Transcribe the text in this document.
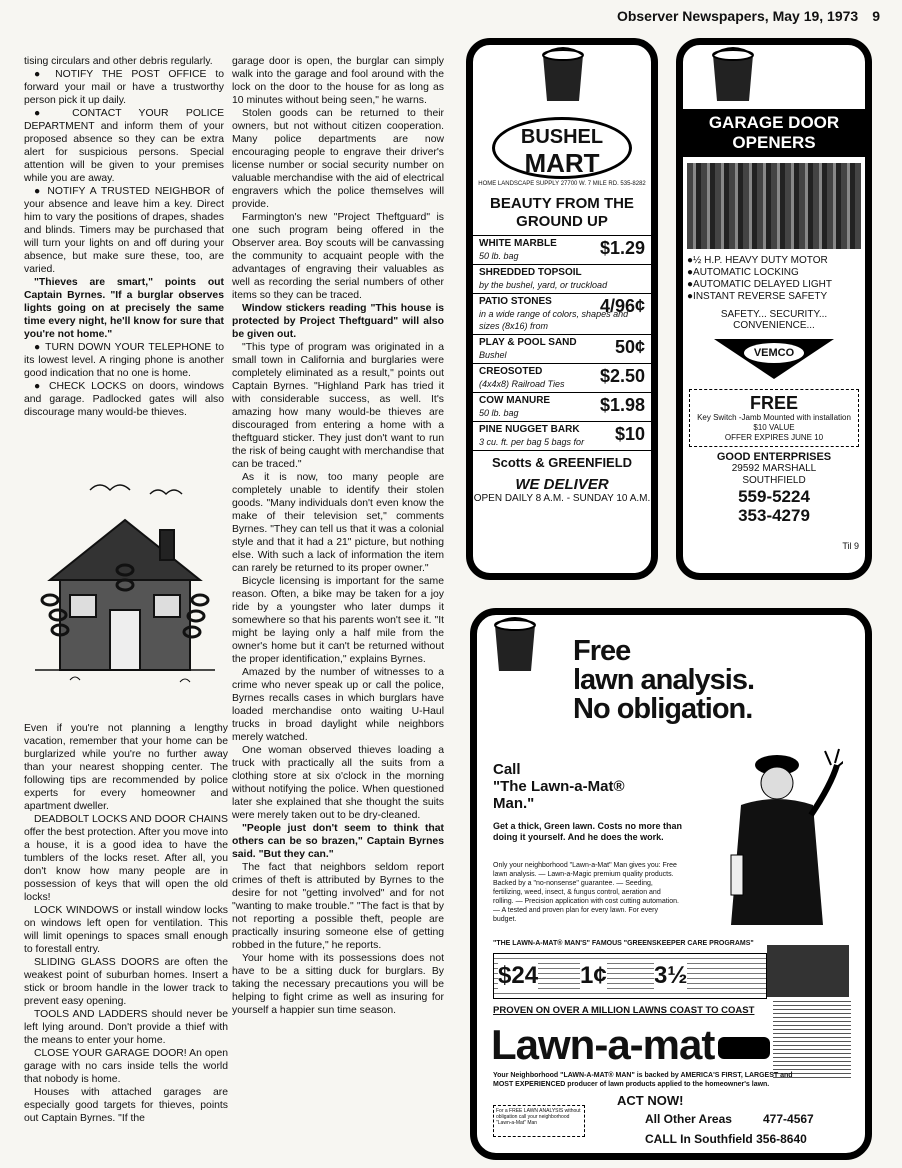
Observer Newspapers, May 19, 1973 9

tising circulars and other debris regularly.

● NOTIFY THE POST OFFICE to forward your mail or have a trustworthy person pick it up daily.

● CONTACT YOUR POLICE DEPARTMENT and inform them of your proposed absence so they can be extra alert for suspicious persons. Special attention will be given to your premises while you are away.

● NOTIFY A TRUSTED NEIGHBOR of your absence and leave him a key. Direct him to vary the positions of drapes, shades and blinds. Timers may be purchased that will turn your lights on and off during your absence, but make sure these, too, are varied.

"Thieves are smart," points out Captain Byrnes. "If a burglar observes lights going on at precisely the same time every night, he'll know for sure that you're not home."

● TURN DOWN YOUR TELEPHONE to its lowest level. A ringing phone is another good indication that no one is home.

● CHECK LOCKS on doors, windows and garage. Padlocked gates will also discourage many would-be thieves.

Even if you're not planning a lengthy vacation, remember that your home can be burglarized while you're no further away than your nearest shopping center. The following tips are recommended by police experts for every homeowner and apartment dweller.

DEADBOLT LOCKS AND DOOR CHAINS offer the best protection. After you move into a house, it is a good idea to have the tumblers of the locks reset. After all, you don't know how many people are in possession of keys that will open the old locks!

LOCK WINDOWS or install window locks on windows left open for ventilation. This will limit openings to spaces small enough to forestall entry.

SLIDING GLASS DOORS are often the weakest point of suburban homes. Insert a stick or broom handle in the lower track to prevent easy opening.

TOOLS AND LADDERS should never be left lying around. Don't provide a thief with the means to enter your home.

CLOSE YOUR GARAGE DOOR! An open garage with no cars inside tells the world that nobody is home.

Houses with attached garages are especially good targets for thieves, points out Captain Byrnes. "If the

garage door is open, the burglar can simply walk into the garage and fool around with the lock on the door to the house for as long as 10 minutes without being seen," he warns.

Stolen goods can be returned to their owners, but not without citizen cooperation. Many police departments are now encouraging people to engrave their driver's license number or social security number on valuable merchandise with the aid of electrical engravers which the police themselves will provide.

Farmington's new "Project Theftguard" is one such program being offered in the Observer area. Boy scouts will be canvassing the community to acquaint people with the advantages of engraving their valuables as well as recording the serial numbers of other items so they can be traced.

Window stickers reading "This house is protected by Project Theftguard" will also be given out.

"This type of program was originated in a small town in California and burglaries were completely eliminated as a result," points out Captain Byrnes. "Highland Park has tried it with considerable success, as well. It's amazing how many would-be thieves are discouraged from entering a home with a theftguard sticker. They just don't want to run the risk of being caught with merchandise that can be traced."

As it is now, too many people are completely unable to identify their stolen goods. "Many individuals don't even know the make of their television set," comments Byrnes. "They can tell us that it was a colonial style and that it had a 21" picture, but nothing else. With such a lack of information the item can rarely be returned to its proper owner."

Bicycle licensing is important for the same reason. Often, a bike may be taken for a joy ride by a youngster who later dumps it somewhere so that his parents won't see it. "It might be laying only a half mile from the owner's home but it can't be returned without the proper identification," explains Byrnes.

Amazed by the number of witnesses to a crime who never speak up or call the police, Byrnes recalls cases in which burglars have loaded merchandise onto waiting U-Haul trucks in broad daylight while neighbors merely watched.

One woman observed thieves loading a truck with practically all the suits from a clothing store at six o'clock in the morning without notifying the police. When questioned later she explained that she thought the suits were merely taken out to be dry-cleaned.

"People just don't seem to think that others can be so brazen," Captain Byrnes said. "But they can."

The fact that neighbors seldom report crimes of theft is attributed by Byrnes to the desire for not "getting involved" and for not "wanting to make trouble." "The fact is that by not reporting a possible theft, people are practically insuring someone else of getting robbed in the future," he reports.

Your home with its possessions does not have to be a sitting duck for burglars. By taking the necessary precautions you will be helping to fight crime as well as insuring for yourself a happier sun time season.

BUSHEL
MART
HOME LANDSCAPE SUPPLY 27700 W. 7 MILE RD. 535-8282
BEAUTY FROM THE GROUND UP
WHITE MARBLE
50 lb. bag	$1.29
SHREDDED TOPSOIL
by the bushel, yard, or truckload
PATIO STONES
in a wide range of colors, shapes and sizes (8x16) from
4/96¢
PLAY & POOL SAND
Bushel	50¢
CREOSOTED
(4x4x8) Railroad Ties	$2.50
COW MANURE
50 lb. bag	$1.98
PINE NUGGET BARK
3 cu. ft. per bag 5 bags for	$10
Scotts & GREENFIELD
WE DELIVER
OPEN DAILY 8 A.M. - SUNDAY 10 A.M.
GARAGE DOOR OPENERS
●½ H.P. HEAVY DUTY MOTOR
●AUTOMATIC LOCKING
●AUTOMATIC DELAYED LIGHT
●INSTANT REVERSE SAFETY
SAFETY... SECURITY... CONVENIENCE...
VEMCO
FREE
Key Switch -Jamb Mounted with installation $10 VALUE
OFFER EXPIRES JUNE 10
GOOD ENTERPRISES
29592 MARSHALL
SOUTHFIELD
559-5224
353-4279
Til 9
Free
lawn analysis.
No obligation.
Call
"The Lawn-a-Mat®
Man."
Get a thick, Green lawn. Costs no more than doing it yourself. And he does the work.
Only your neighborhood "Lawn-a-Mat" Man gives you: Free lawn analysis. — Lawn-a-Magic premium quality products. Backed by a "no-nonsense" guarantee. — Seeding, fertilizing, weed, insect, & fungus control, aeration and rolling. — Precision application with cost cutting automation. — A tested and proven plan for every lawn. For every budget.
"THE LAWN-A-MAT® MAN'S" FAMOUS "GREENSKEEPER CARE PROGRAMS"
$24 1¢ 3½
PROVEN ON OVER A MILLION LAWNS COAST TO COAST
Lawn-a-mat
Your Neighborhood "LAWN-A-MAT® MAN" is backed by AMERICA'S FIRST, LARGEST and MOST EXPERIENCED producer of lawn products applied to the homeowner's lawn.
ACT NOW!
For a FREE LAWN ANALYSIS without obligation call your neighborhood "Lawn-a-Mat" Man	All Other Areas	477-4567
CALL In Southfield 356-8640
